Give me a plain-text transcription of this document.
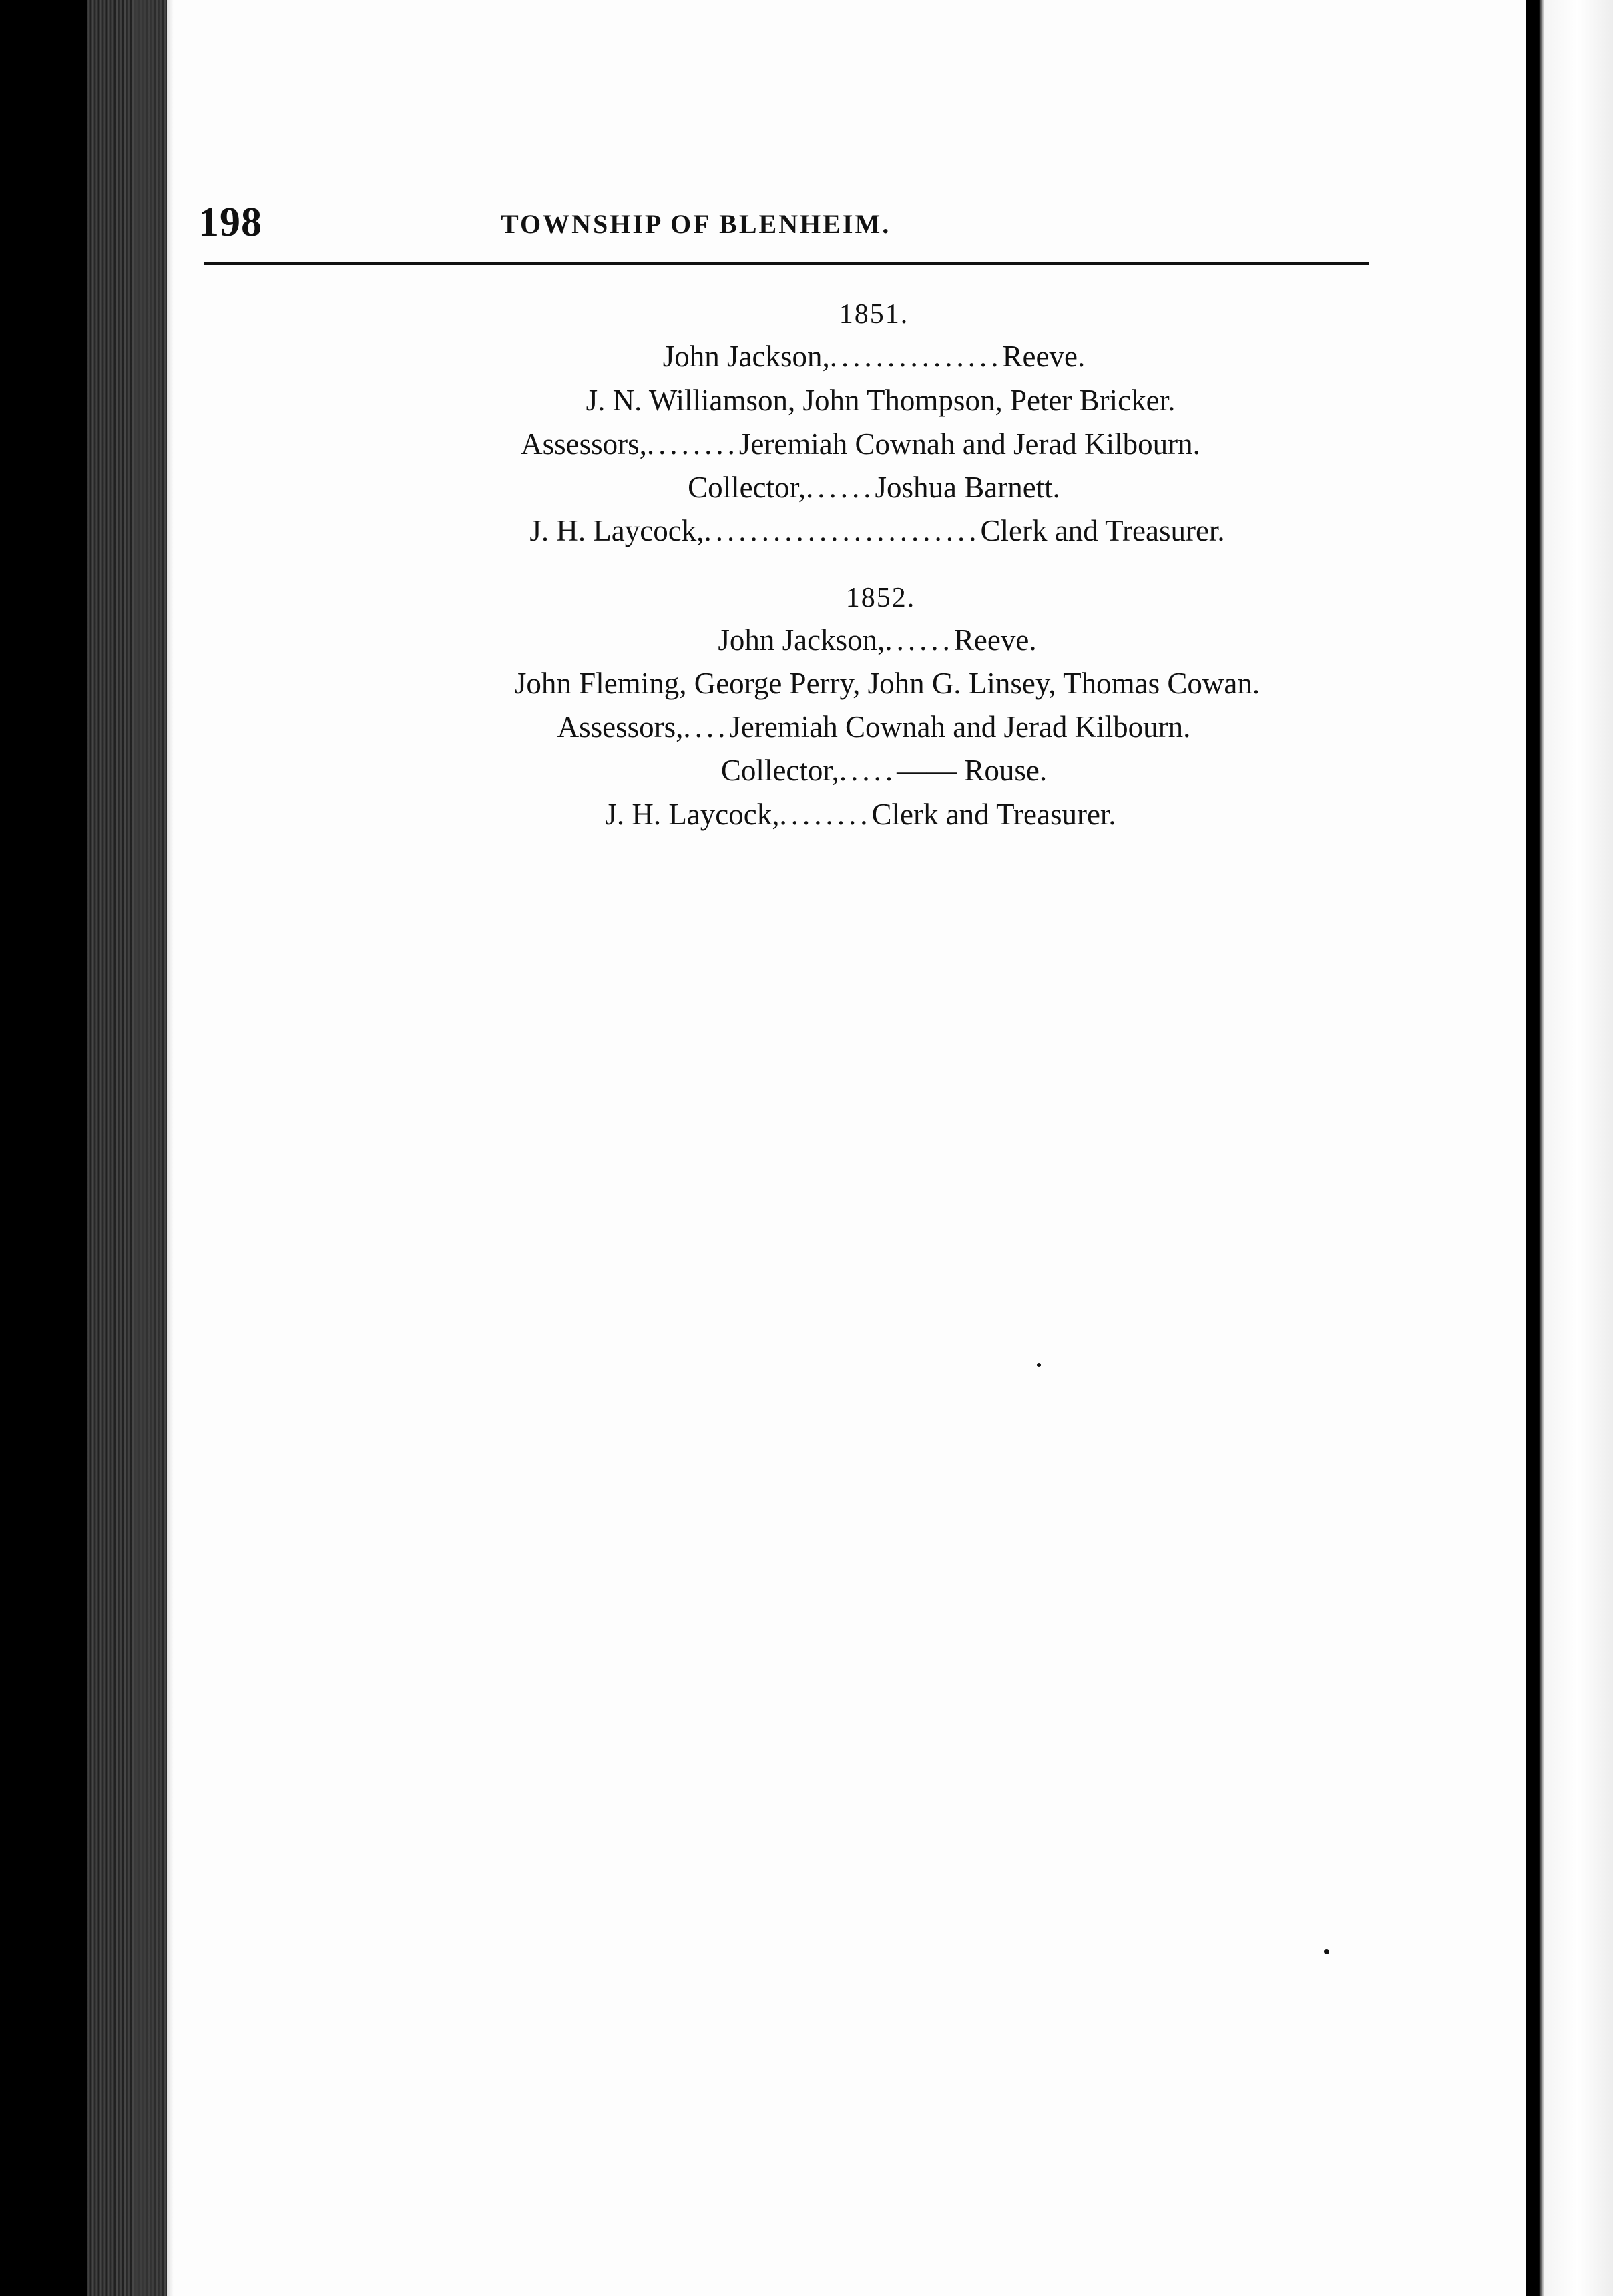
198	TOWNSHIP OF BLENHEIM.
1851.
John Jackson,...............Reeve.
J. N. Williamson, John Thompson, Peter Bricker.
Assessors,........Jeremiah Cownah and Jerad Kilbourn.
Collector,......Joshua Barnett.
J. H. Laycock,........................Clerk and Treasurer.
1852.
John Jackson,......Reeve.
John Fleming, George Perry, John G. Linsey, Thomas Cowan.
Assessors,....Jeremiah Cownah and Jerad Kilbourn.
Collector,.....—— Rouse.
J. H. Laycock,........Clerk and Treasurer.
